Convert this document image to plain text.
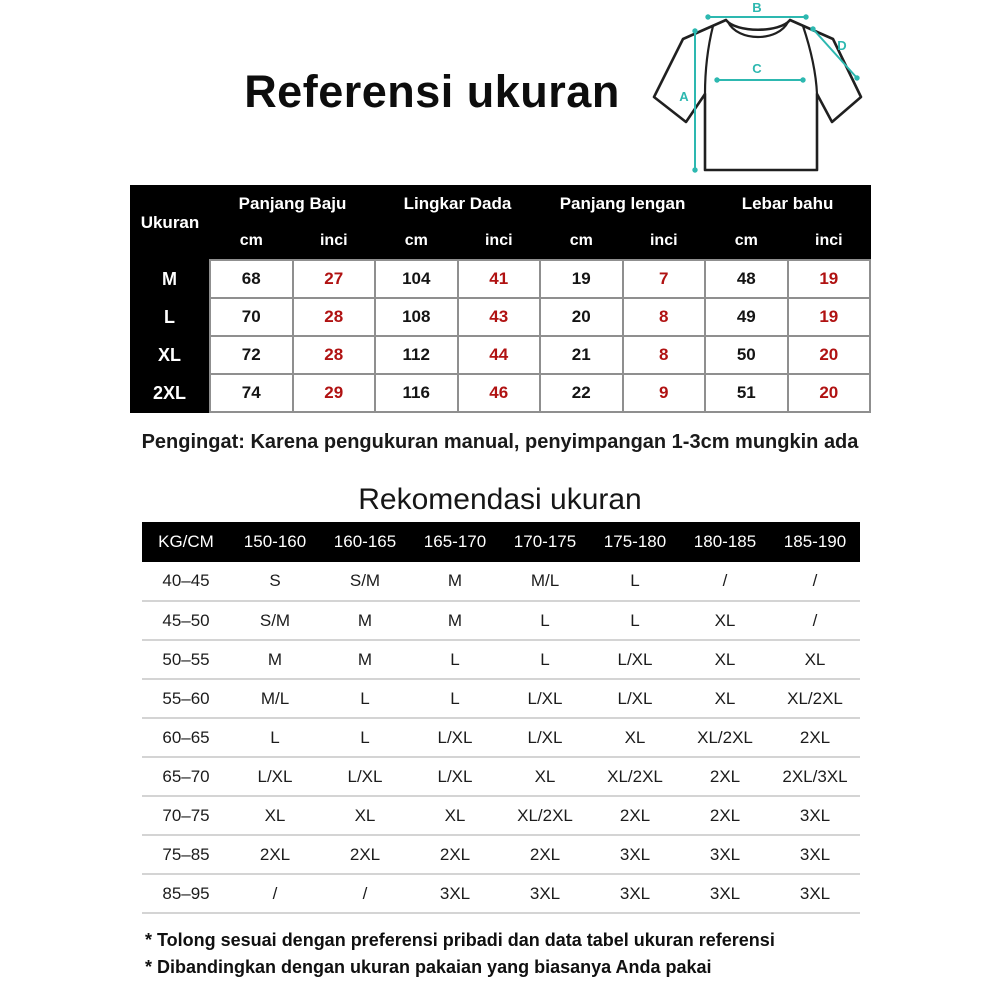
Referensi ukuran
B
A
C
D
Ukuran	Panjang Baju		Lingkar Dada		Panjang lengan		Lebar bahu	
	cm	inci	cm	inci	cm	inci	cm	inci
M	68	27	104	41	19	7	48	19
L	70	28	108	43	20	8	49	19
XL	72	28	112	44	21	8	50	20
2XL	74	29	116	46	22	9	51	20

Pengingat: Karena pengukuran manual, penyimpangan 1-3cm mungkin ada

Rekomendasi ukuran
KG/CM	150-160	160-165	165-170	170-175	175-180	180-185	185-190
40–45	S	S/M	M	M/L	L	/	/
45–50	S/M	M	M	L	L	XL	/
50–55	M	M	L	L	L/XL	XL	XL
55–60	M/L	L	L	L/XL	L/XL	XL	XL/2XL
60–65	L	L	L/XL	L/XL	XL	XL/2XL	2XL
65–70	L/XL	L/XL	L/XL	XL	XL/2XL	2XL	2XL/3XL
70–75	XL	XL	XL	XL/2XL	2XL	2XL	3XL
75–85	2XL	2XL	2XL	2XL	3XL	3XL	3XL
85–95	/	/	3XL	3XL	3XL	3XL	3XL

* Tolong sesuai dengan preferensi pribadi dan data tabel ukuran referensi

* Dibandingkan dengan ukuran pakaian yang biasanya Anda pakai
